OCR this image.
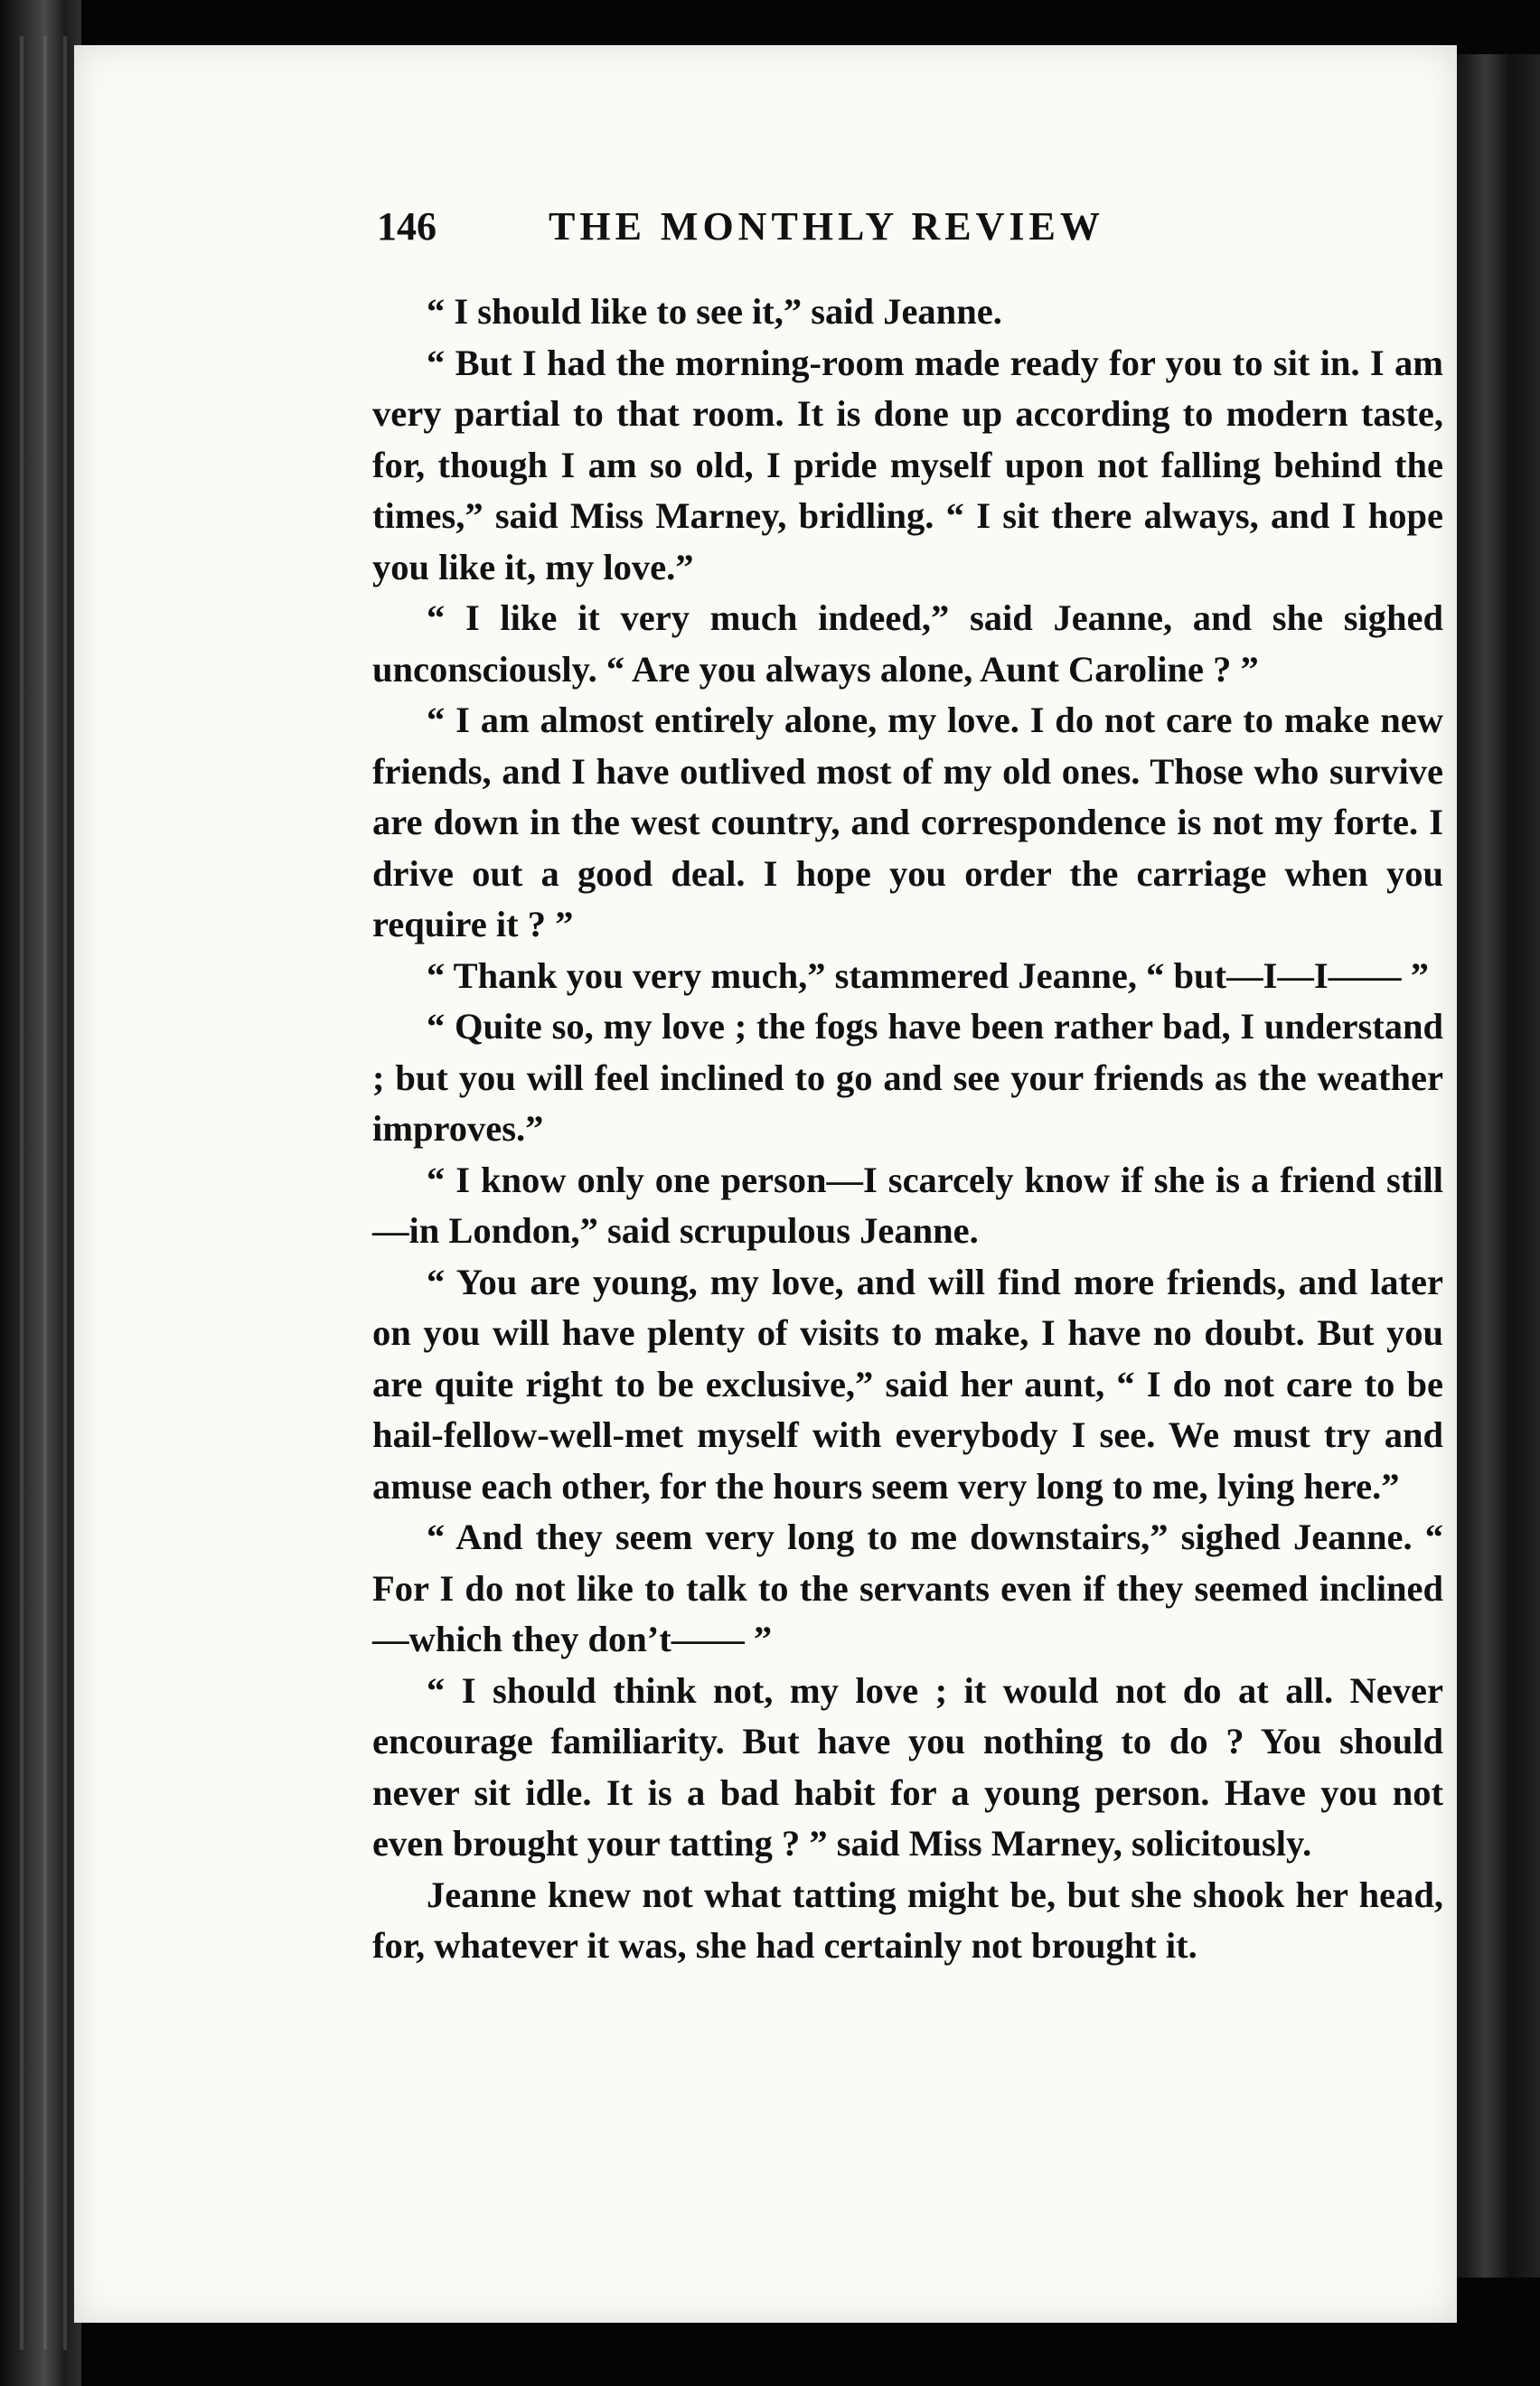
146	THE MONTHLY REVIEW

“ I should like to see it,” said Jeanne.

“ But I had the morning-room made ready for you to sit in. I am very partial to that room. It is done up according to modern taste, for, though I am so old, I pride myself upon not falling behind the times,” said Miss Marney, bridling. “ I sit there always, and I hope you like it, my love.”

“ I like it very much indeed,” said Jeanne, and she sighed unconsciously. “ Are you always alone, Aunt Caroline ? ”

“ I am almost entirely alone, my love. I do not care to make new friends, and I have outlived most of my old ones. Those who survive are down in the west country, and correspondence is not my forte. I drive out a good deal. I hope you order the carriage when you require it ? ”

“ Thank you very much,” stammered Jeanne, “ but—I—I—— ”

“ Quite so, my love ; the fogs have been rather bad, I understand ; but you will feel inclined to go and see your friends as the weather improves.”

“ I know only one person—I scarcely know if she is a friend still—in London,” said scrupulous Jeanne.

“ You are young, my love, and will find more friends, and later on you will have plenty of visits to make, I have no doubt. But you are quite right to be exclusive,” said her aunt, “ I do not care to be hail-fellow-well-met myself with everybody I see. We must try and amuse each other, for the hours seem very long to me, lying here.”

“ And they seem very long to me downstairs,” sighed Jeanne. “ For I do not like to talk to the servants even if they seemed inclined—which they don’t—— ”

“ I should think not, my love ; it would not do at all. Never encourage familiarity. But have you nothing to do ? You should never sit idle. It is a bad habit for a young person. Have you not even brought your tatting ? ” said Miss Marney, solicitously.

Jeanne knew not what tatting might be, but she shook her head, for, whatever it was, she had certainly not brought it.
